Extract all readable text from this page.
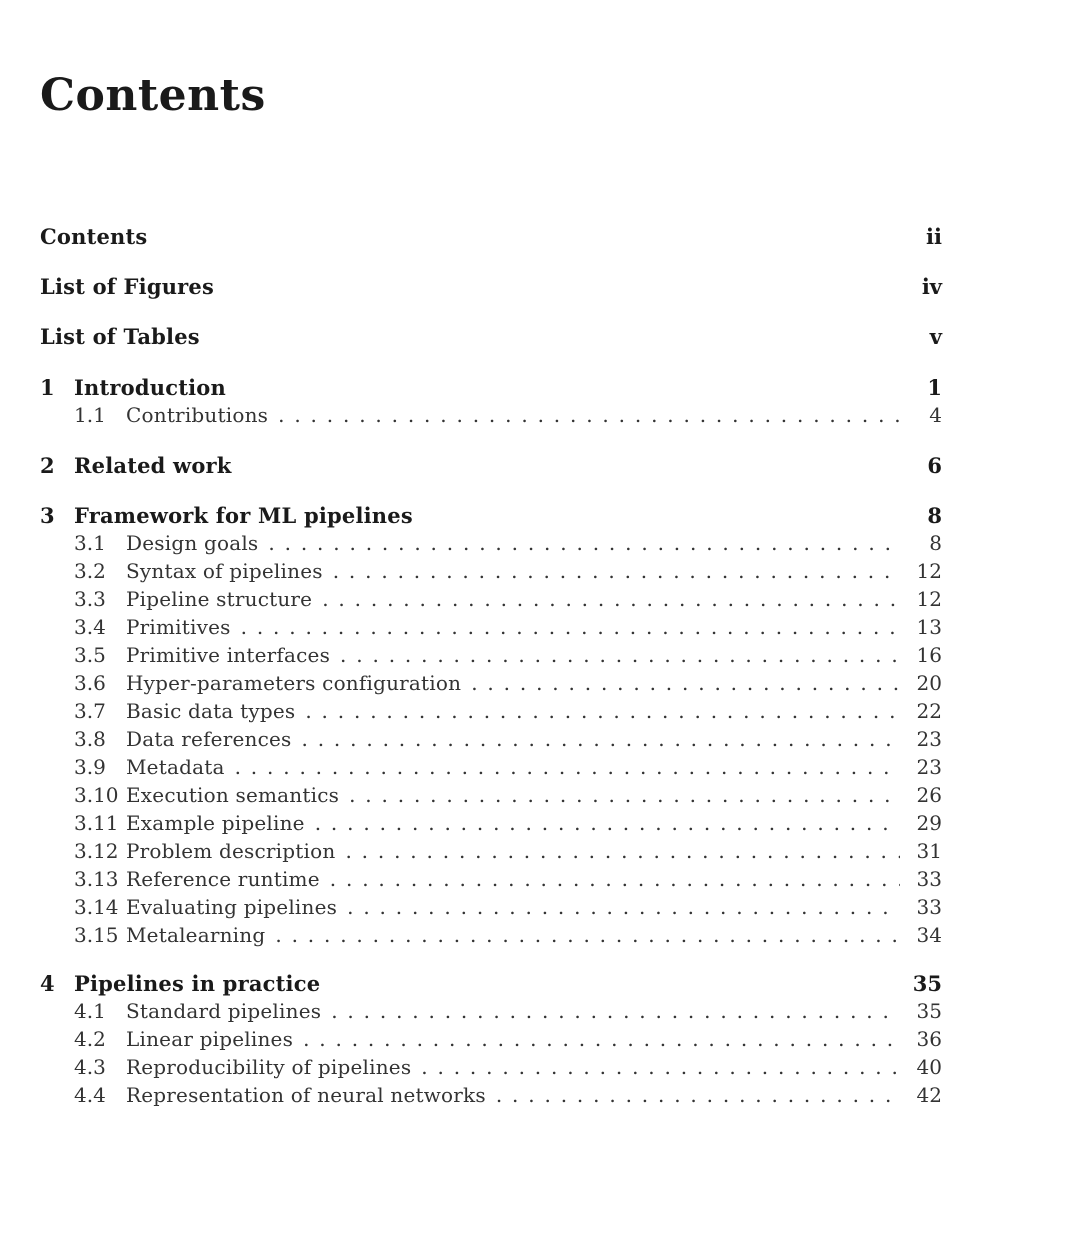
Contents
Contents	ii
List of Figures	iv
List of Tables	v
1 Introduction	1
1.1	Contributions . . .	4
2 Related work	6
3 Framework for ML pipelines	8
3.1	Design goals . . .	8
3.2	Syntax of pipelines . . .	12
3.3	Pipeline structure . . .	12
3.4	Primitives . . .	13
3.5	Primitive interfaces . . .	16
3.6	Hyper-parameters configuration . . .	20
3.7	Basic data types . . .	22
3.8	Data references . . .	23
3.9	Metadata . . .	23
3.10 Execution semantics . . .	26
3.11 Example pipeline . . .	29
3.12 Problem description . . .	31
3.13 Reference runtime . . .	33
3.14 Evaluating pipelines . . .	33
3.15 Metalearning . . .	34
4 Pipelines in practice	35
4.1	Standard pipelines . . .	35
4.2	Linear pipelines . . .	36
4.3	Reproducibility of pipelines . . .	40
4.4	Representation of neural networks . . .	42
